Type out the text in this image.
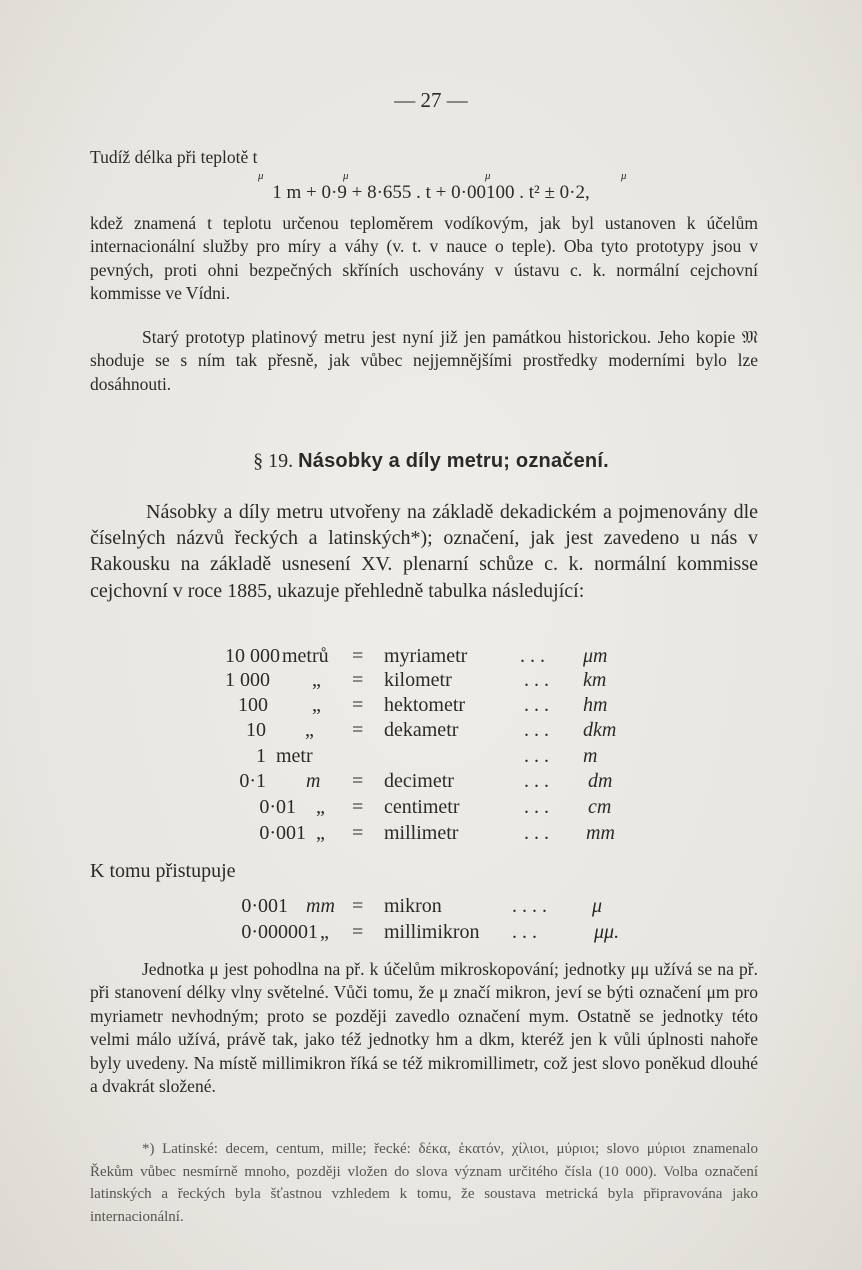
— 27 —
Tudíž délka při teplotě t
μ	μ	μ	μ
1 m + 0·9 + 8·655 . t + 0·00100 . t² ± 0·2,
kdež znamená t teplotu určenou teploměrem vodíkovým, jak byl ustanoven k účelům internacionální služby pro míry a váhy (v. t. v nauce o teple). Oba tyto prototypy jsou v pevných, proti ohni bezpečných skříních uschovány v ústavu c. k. normální cejchovní kommisse ve Vídni.
Starý prototyp platinový metru jest nyní již jen památkou historickou. Jeho kopie 𝔐 shoduje se s ním tak přesně, jak vůbec nejjemnějšími prostředky moderními bylo lze dosáhnouti.
§ 19. Násobky a díly metru; označení.
Násobky a díly metru utvořeny na základě dekadickém a pojmenovány dle číselných názvů řeckých a latinských*); označení, jak jest zavedeno u nás v Rakousku na základě usnesení XV. plenarní schůze c. k. normální kommisse cejchovní v roce 1885, ukazuje přehledně tabulka následující:
10 000 metrů = myriametr	. . . μm
1 000 „ = kilometr	. . . km
100 „ = hektometr	. . . hm
10 „ = dekametr	. . . dkm
1 metr	. . . m
0·1 m = decimetr	. . . dm
0·01 „ = centimetr	. . . cm
0·001 „ = millimetr	. . . mm
K tomu přistupuje
0·001 mm = mikron	. . . . μ
0·000001 „ = millimikron . . .	μμ.
Jednotka μ jest pohodlna na př. k účelům mikroskopování; jednotky μμ užívá se na př. při stanovení délky vlny světelné. Vůči tomu, že μ značí mikron, jeví se býti označení μm pro myriametr nevhodným; proto se později zavedlo označení mym. Ostatně se jednotky této velmi málo užívá, právě tak, jako též jednotky hm a dkm, kteréž jen k vůli úplnosti nahoře byly uvedeny. Na místě millimikron říká se též mikromillimetr, což jest slovo poněkud dlouhé a dvakrát složené.
*) Latinské: decem, centum, mille; řecké: δέκα, ἑκατόν, χίλιοι, μύριοι; slovo μύριοι znamenalo Řekům vůbec nesmírně mnoho, později vložen do slova význam určitého čísla (10 000). Volba označení latinských a řeckých byla šťastnou vzhledem k tomu, že soustava metrická byla připravována jako internacionální.
